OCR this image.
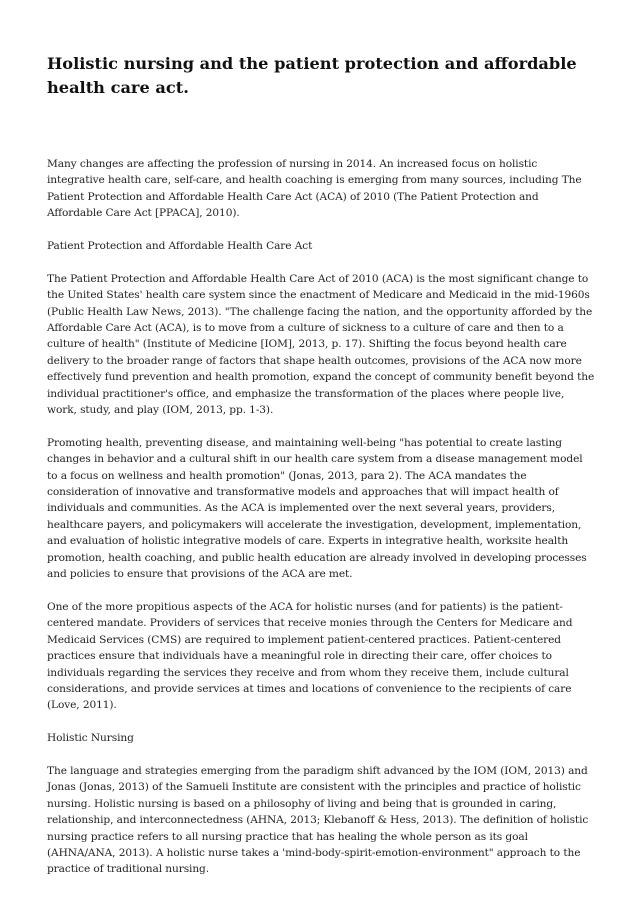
Holistic nursing and the patient protection and affordable health care act.

Many changes are affecting the profession of nursing in 2014. An increased focus on holistic integrative health care, self-care, and health coaching is emerging from many sources, including The Patient Protection and Affordable Health Care Act (ACA) of 2010 (The Patient Protection and Affordable Care Act [PPACA], 2010).

Patient Protection and Affordable Health Care Act

The Patient Protection and Affordable Health Care Act of 2010 (ACA) is the most significant change to the United States' health care system since the enactment of Medicare and Medicaid in the mid-1960s (Public Health Law News, 2013). "The challenge facing the nation, and the opportunity afforded by the Affordable Care Act (ACA), is to move from a culture of sickness to a culture of care and then to a culture of health" (Institute of Medicine [IOM], 2013, p. 17). Shifting the focus beyond health care delivery to the broader range of factors that shape health outcomes, provisions of the ACA now more effectively fund prevention and health promotion, expand the concept of community benefit beyond the individual practitioner's office, and emphasize the transformation of the places where people live, work, study, and play (IOM, 2013, pp. 1-3).

Promoting health, preventing disease, and maintaining well-being "has potential to create lasting changes in behavior and a cultural shift in our health care system from a disease management model to a focus on wellness and health promotion" (Jonas, 2013, para 2). The ACA mandates the consideration of innovative and transformative models and approaches that will impact health of individuals and communities. As the ACA is implemented over the next several years, providers, healthcare payers, and policymakers will accelerate the investigation, development, implementation, and evaluation of holistic integrative models of care. Experts in integrative health, worksite health promotion, health coaching, and public health education are already involved in developing processes and policies to ensure that provisions of the ACA are met.

One of the more propitious aspects of the ACA for holistic nurses (and for patients) is the patient-centered mandate. Providers of services that receive monies through the Centers for Medicare and Medicaid Services (CMS) are required to implement patient-centered practices. Patient-centered practices ensure that individuals have a meaningful role in directing their care, offer choices to individuals regarding the services they receive and from whom they receive them, include cultural considerations, and provide services at times and locations of convenience to the recipients of care (Love, 2011).

Holistic Nursing

The language and strategies emerging from the paradigm shift advanced by the IOM (IOM, 2013) and Jonas (Jonas, 2013) of the Samueli Institute are consistent with the principles and practice of holistic nursing. Holistic nursing is based on a philosophy of living and being that is grounded in caring, relationship, and interconnectedness (AHNA, 2013; Klebanoff & Hess, 2013). The definition of holistic nursing practice refers to all nursing practice that has healing the whole person as its goal (AHNA/ANA, 2013). A holistic nurse takes a 'mind-body-spirit-emotion-environment" approach to the practice of traditional nursing.
